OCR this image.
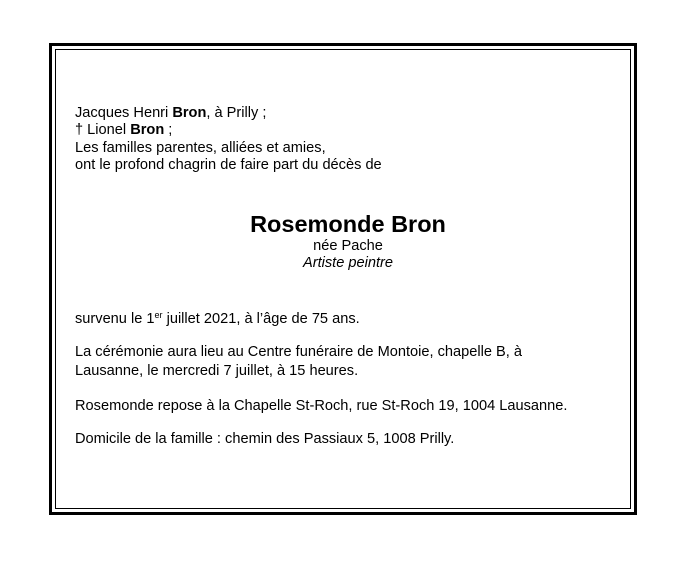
Jacques Henri Bron, à Prilly ;
† Lionel Bron ;
Les familles parentes, alliées et amies,
ont le profond chagrin de faire part du décès de
Rosemonde Bron
née Pache
Artiste peintre
survenu le 1er juillet 2021, à l’âge de 75 ans.
La cérémonie aura lieu au Centre funéraire de Montoie, chapelle B, à
Lausanne, le mercredi 7 juillet, à 15 heures.
Rosemonde repose à la Chapelle St-Roch, rue St-Roch 19, 1004 Lausanne.
Domicile de la famille : chemin des Passiaux 5, 1008 Prilly.
